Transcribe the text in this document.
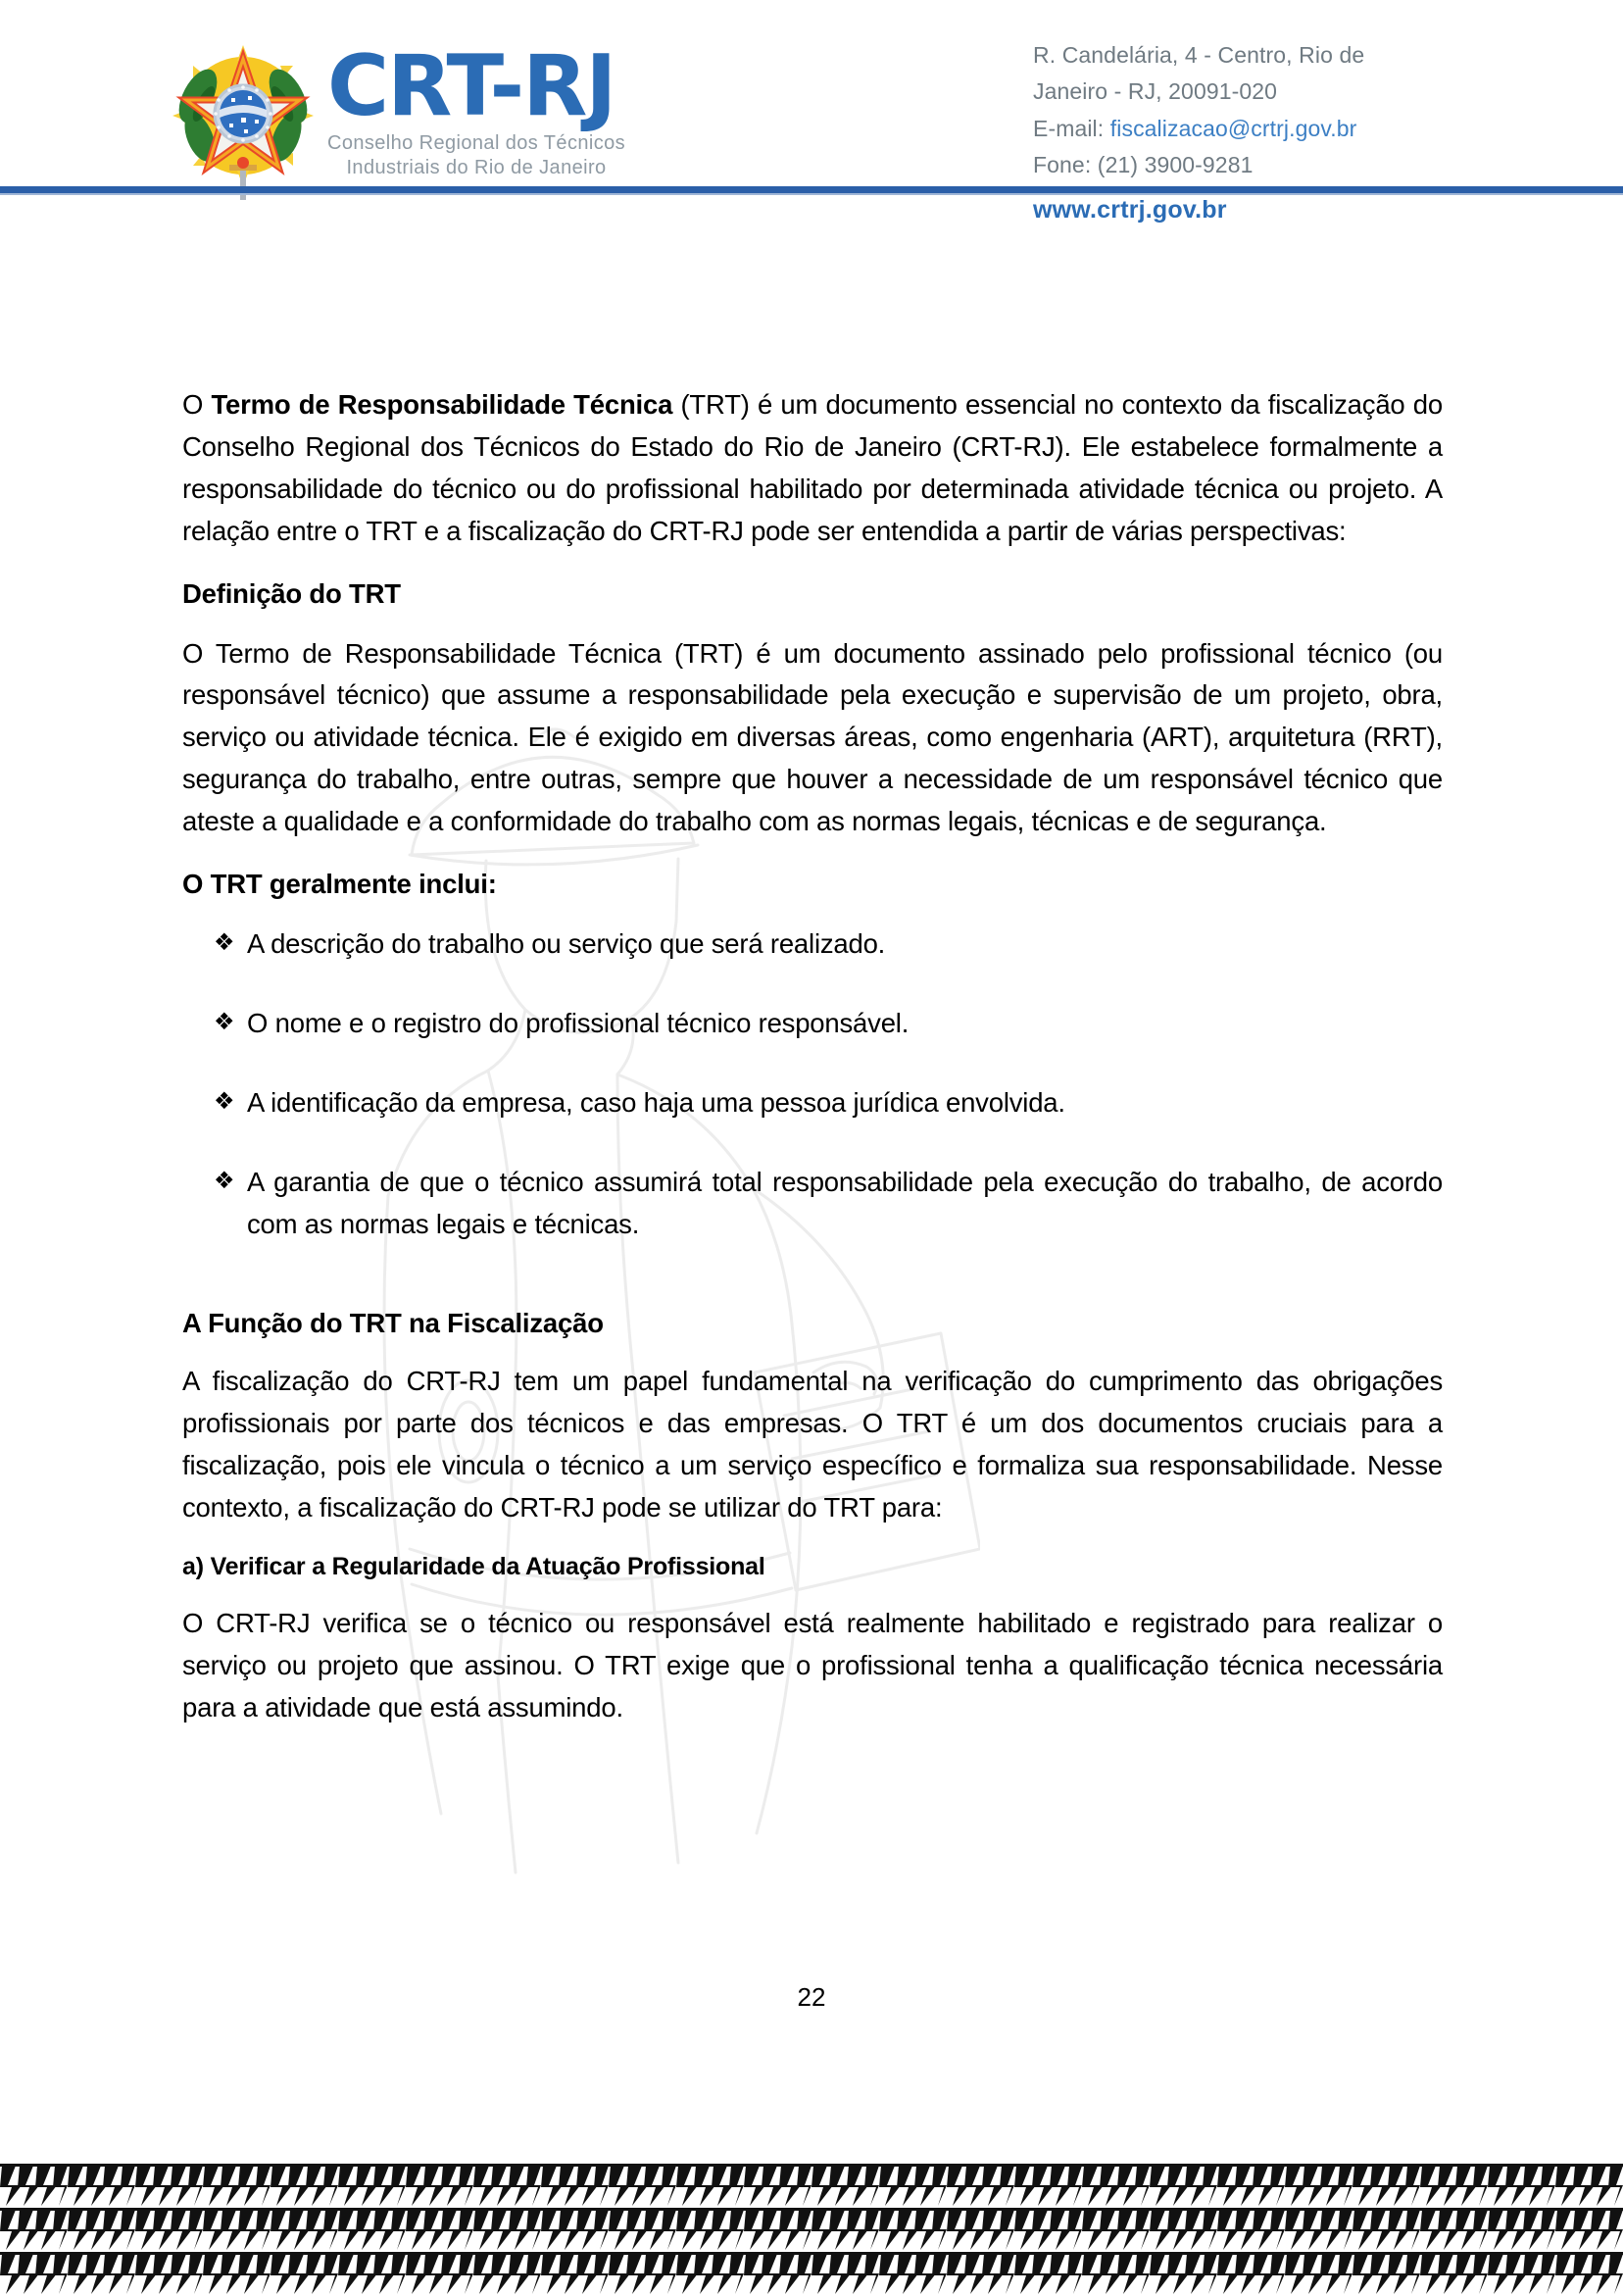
CRT-RJ
Conselho Regional dos Técnicos
Industriais do Rio de Janeiro
R. Candelária, 4 - Centro, Rio de
Janeiro - RJ, 20091-020
E-mail: fiscalizacao@crtrj.gov.br
Fone: (21) 3900-9281
www.crtrj.gov.br

O Termo de Responsabilidade Técnica (TRT) é um documento essencial no contexto da fiscalização do Conselho Regional dos Técnicos do Estado do Rio de Janeiro (CRT-RJ). Ele estabelece formalmente a responsabilidade do técnico ou do profissional habilitado por determinada atividade técnica ou projeto. A relação entre o TRT e a fiscalização do CRT-RJ pode ser entendida a partir de várias perspectivas:

Definição do TRT

O Termo de Responsabilidade Técnica (TRT) é um documento assinado pelo profissional técnico (ou responsável técnico) que assume a responsabilidade pela execução e supervisão de um projeto, obra, serviço ou atividade técnica. Ele é exigido em diversas áreas, como engenharia (ART), arquitetura (RRT), segurança do trabalho, entre outras, sempre que houver a necessidade de um responsável técnico que ateste a qualidade e a conformidade do trabalho com as normas legais, técnicas e de segurança.

O TRT geralmente inclui:
❖ A descrição do trabalho ou serviço que será realizado.
❖ O nome e o registro do profissional técnico responsável.
❖ A identificação da empresa, caso haja uma pessoa jurídica envolvida.
❖ A garantia de que o técnico assumirá total responsabilidade pela execução do trabalho, de acordo com as normas legais e técnicas.
A Função do TRT na Fiscalização

A fiscalização do CRT-RJ tem um papel fundamental na verificação do cumprimento das obrigações profissionais por parte dos técnicos e das empresas. O TRT é um dos documentos cruciais para a fiscalização, pois ele vincula o técnico a um serviço específico e formaliza sua responsabilidade. Nesse contexto, a fiscalização do CRT-RJ pode se utilizar do TRT para:

a) Verificar a Regularidade da Atuação Profissional

O CRT-RJ verifica se o técnico ou responsável está realmente habilitado e registrado para realizar o serviço ou projeto que assinou. O TRT exige que o profissional tenha a qualificação técnica necessária para a atividade que está assumindo.

22
